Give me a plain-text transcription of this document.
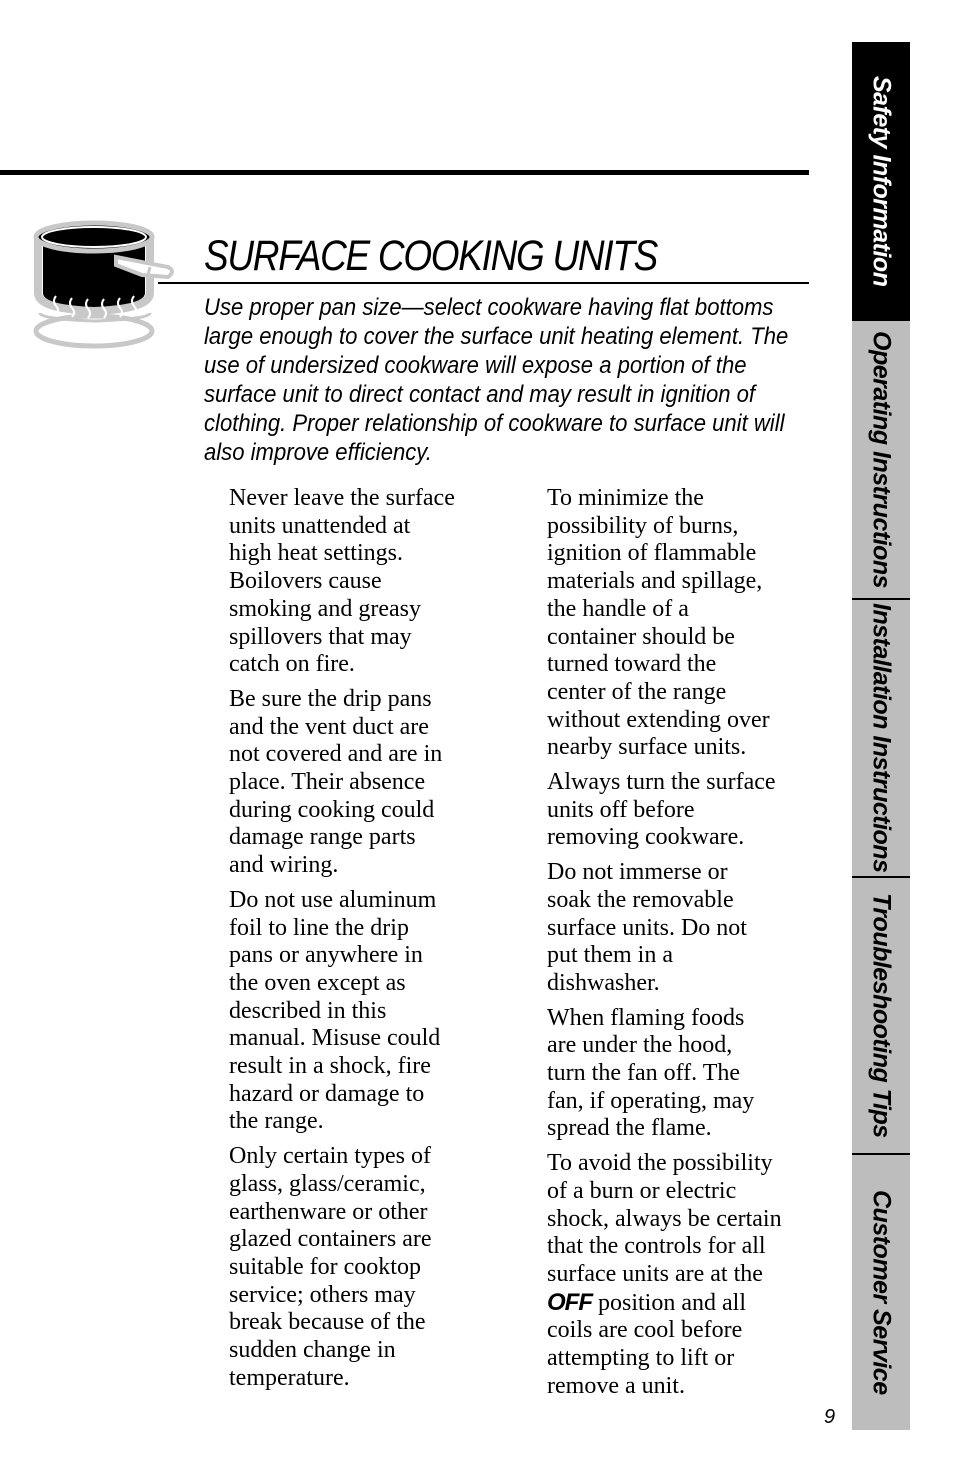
SURFACE COOKING UNITS

Use proper pan size—select cookware having flat bottoms

large enough to cover the surface unit heating element. The

use of undersized cookware will expose a portion of the

surface unit to direct contact and may result in ignition of

clothing. Proper relationship of cookware to surface unit will

also improve efficiency.

Never leave the surface
units unattended at
high heat settings.
Boilovers cause
smoking and greasy
spillovers that may
catch on fire.
Be sure the drip pans
and the vent duct are
not covered and are in
place. Their absence
during cooking could
damage range parts
and wiring.
Do not use aluminum
foil to line the drip
pans or anywhere in
the oven except as
described in this
manual. Misuse could
result in a shock, fire
hazard or damage to
the range.
Only certain types of
glass, glass/ceramic,
earthenware or other
glazed containers are
suitable for cooktop
service; others may
break because of the
sudden change in
temperature.
To minimize the
possibility of burns,
ignition of flammable
materials and spillage,
the handle of a
container should be
turned toward the
center of the range
without extending over
nearby surface units.
Always turn the surface
units off before
removing cookware.
Do not immerse or
soak the removable
surface units. Do not
put them in a
dishwasher.
When flaming foods
are under the hood,
turn the fan off. The
fan, if operating, may
spread the flame.
To avoid the possibility
of a burn or electric
shock, always be certain
that the controls for all
surface units are at the
OFF position and all
coils are cool before
attempting to lift or
remove a unit.
9
Safety Information
Operating Instructions
Installation Instructions
Troubleshooting Tips
Customer Service
